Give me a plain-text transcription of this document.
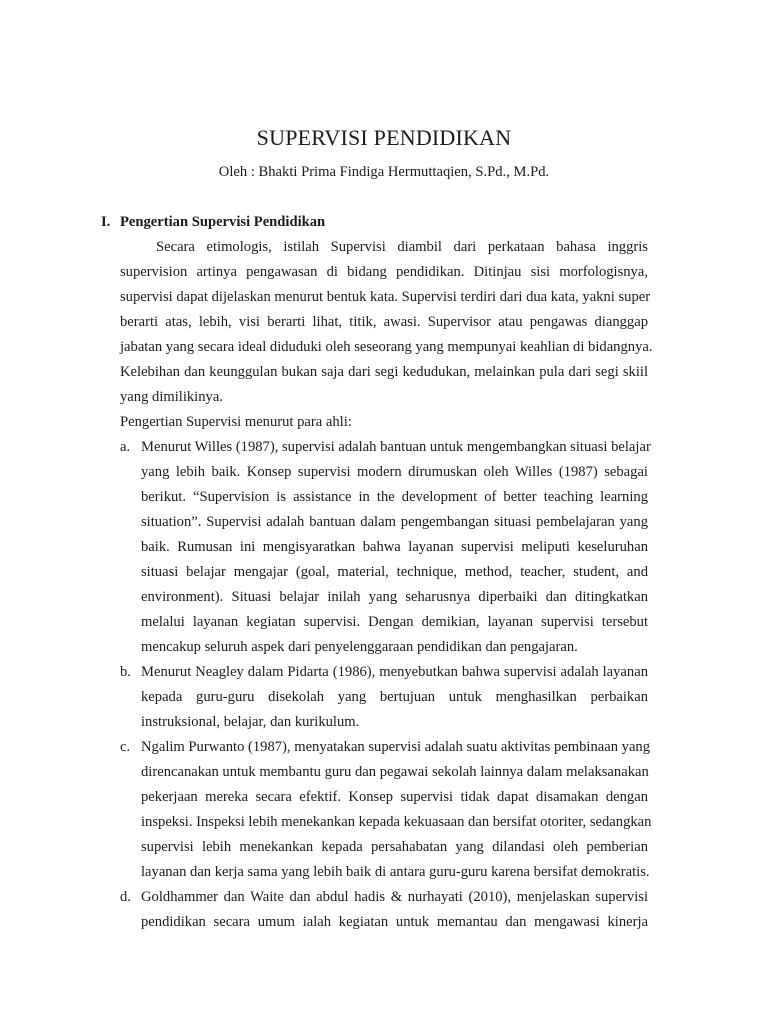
SUPERVISI PENDIDIKAN
Oleh : Bhakti Prima Findiga Hermuttaqien, S.Pd., M.Pd.
I. Pengertian Supervisi Pendidikan
Secara etimologis, istilah Supervisi diambil dari perkataan bahasa inggris
supervision artinya pengawasan di bidang pendidikan. Ditinjau sisi morfologisnya,
supervisi dapat dijelaskan menurut bentuk kata. Supervisi terdiri dari dua kata, yakni super
berarti atas, lebih, visi berarti lihat, titik, awasi. Supervisor atau pengawas dianggap
jabatan yang secara ideal diduduki oleh seseorang yang mempunyai keahlian di bidangnya.
Kelebihan dan keunggulan bukan saja dari segi kedudukan, melainkan pula dari segi skiil
yang dimilikinya.
Pengertian Supervisi menurut para ahli:
a. Menurut Willes (1987), supervisi adalah bantuan untuk mengembangkan situasi belajar
yang lebih baik. Konsep supervisi modern dirumuskan oleh Willes (1987) sebagai
berikut. “Supervision is assistance in the development of better teaching learning
situation”. Supervisi adalah bantuan dalam pengembangan situasi pembelajaran yang
baik. Rumusan ini mengisyaratkan bahwa layanan supervisi meliputi keseluruhan
situasi belajar mengajar (goal, material, technique, method, teacher, student, and
environment). Situasi belajar inilah yang seharusnya diperbaiki dan ditingkatkan
melalui layanan kegiatan supervisi. Dengan demikian, layanan supervisi tersebut
mencakup seluruh aspek dari penyelenggaraan pendidikan dan pengajaran.
b. Menurut Neagley dalam Pidarta (1986), menyebutkan bahwa supervisi adalah layanan
kepada guru-guru disekolah yang bertujuan untuk menghasilkan perbaikan
instruksional, belajar, dan kurikulum.
c. Ngalim Purwanto (1987), menyatakan supervisi adalah suatu aktivitas pembinaan yang
direncanakan untuk membantu guru dan pegawai sekolah lainnya dalam melaksanakan
pekerjaan mereka secara efektif. Konsep supervisi tidak dapat disamakan dengan
inspeksi. Inspeksi lebih menekankan kepada kekuasaan dan bersifat otoriter, sedangkan
supervisi lebih menekankan kepada persahabatan yang dilandasi oleh pemberian
layanan dan kerja sama yang lebih baik di antara guru-guru karena bersifat demokratis.
d. Goldhammer dan Waite dan abdul hadis & nurhayati (2010), menjelaskan supervisi
pendidikan secara umum ialah kegiatan untuk memantau dan mengawasi kinerja
